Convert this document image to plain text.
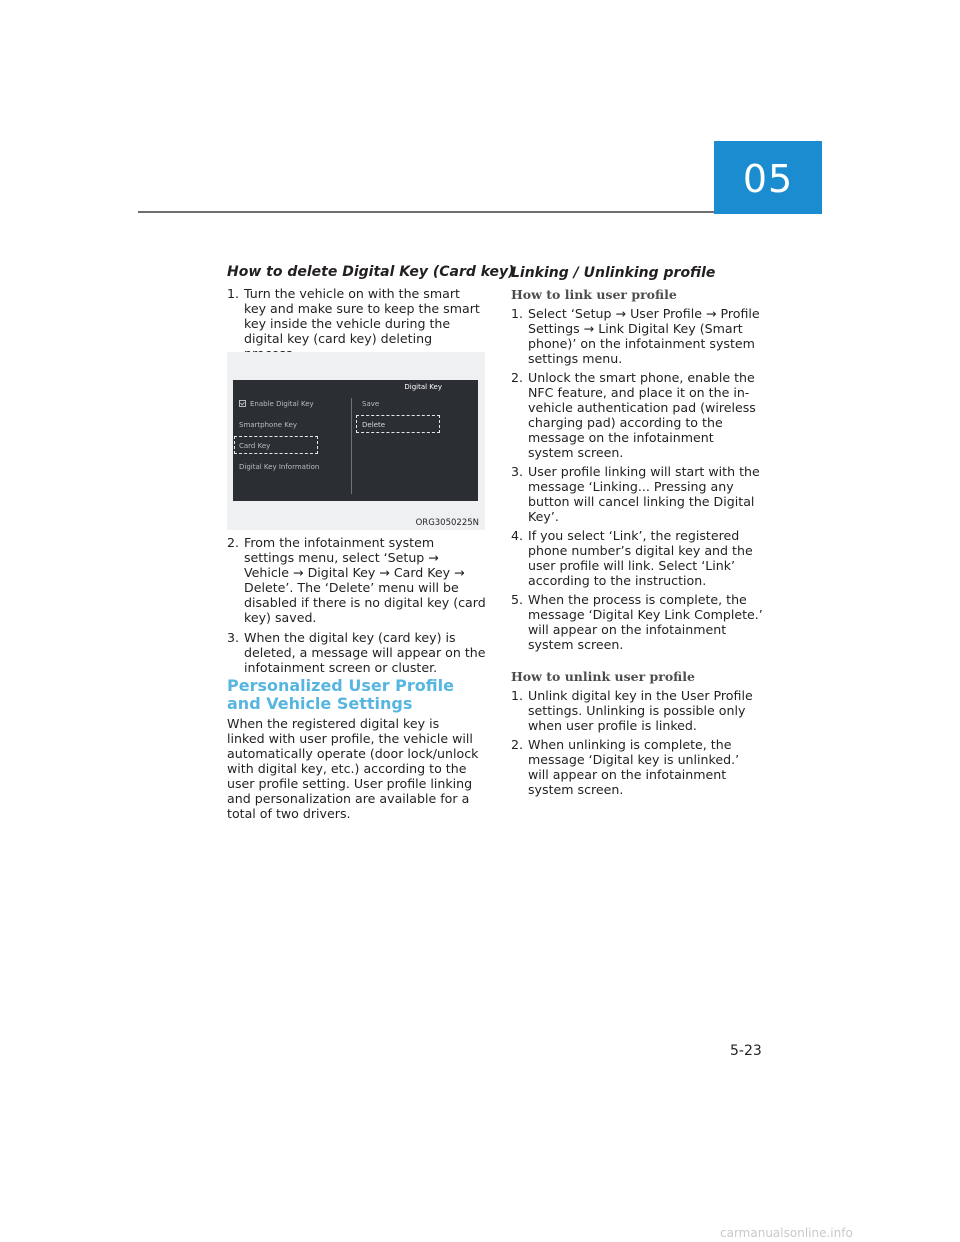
05
How to delete Digital Key (Card key)
1. Turn the vehicle on with the smart key and make sure to keep the smart key inside the vehicle during the digital key (card key) deleting
2. From the infotainment system settings menu, select ‘Setup → Vehicle → Digital Key → Card Key → Delete’. The ‘Delete’ menu will be disabled if there is no digital key (card key) saved.
3. When the digital key (card key) is deleted, a message will appear on the infotainment screen or cluster.
Personalized User Profile and Vehicle Settings

When the registered digital key is linked with user profile, the vehicle will automatically operate (door lock/unlock with digital key, etc.) according to the user profile setting. User profile linking and personalization are available for a total of two drivers.

Digital Key
Enable Digital Key
Smartphone Key
Card Key
Digital Key Information
Save
Delete
ORG3050225N
Linking / Unlinking profile
How to link user profile
1. Select ‘Setup → User Profile → Profile Settings → Link Digital Key (Smart phone)’ on the infotainment system settings menu.
2. Unlock the smart phone, enable the NFC feature, and place it on the in-vehicle authentication pad (wireless charging pad) according to the message on the infotainment system screen.
3. User profile linking will start with the message ‘Linking... Pressing any button will cancel linking the Digital Key’.
4. If you select ‘Link’, the registered phone number’s digital key and the user profile will link. Select ‘Link’ according to the instruction.
5. When the process is complete, the message ‘Digital Key Link Complete.’ will appear on the infotainment system screen.
How to unlink user profile
1. Unlink digital key in the User Profile settings. Unlinking is possible only when user profile is linked.
2. When unlinking is complete, the message ‘Digital key is unlinked.’ will appear on the infotainment system screen.
5-23
carmanualsonline.info
